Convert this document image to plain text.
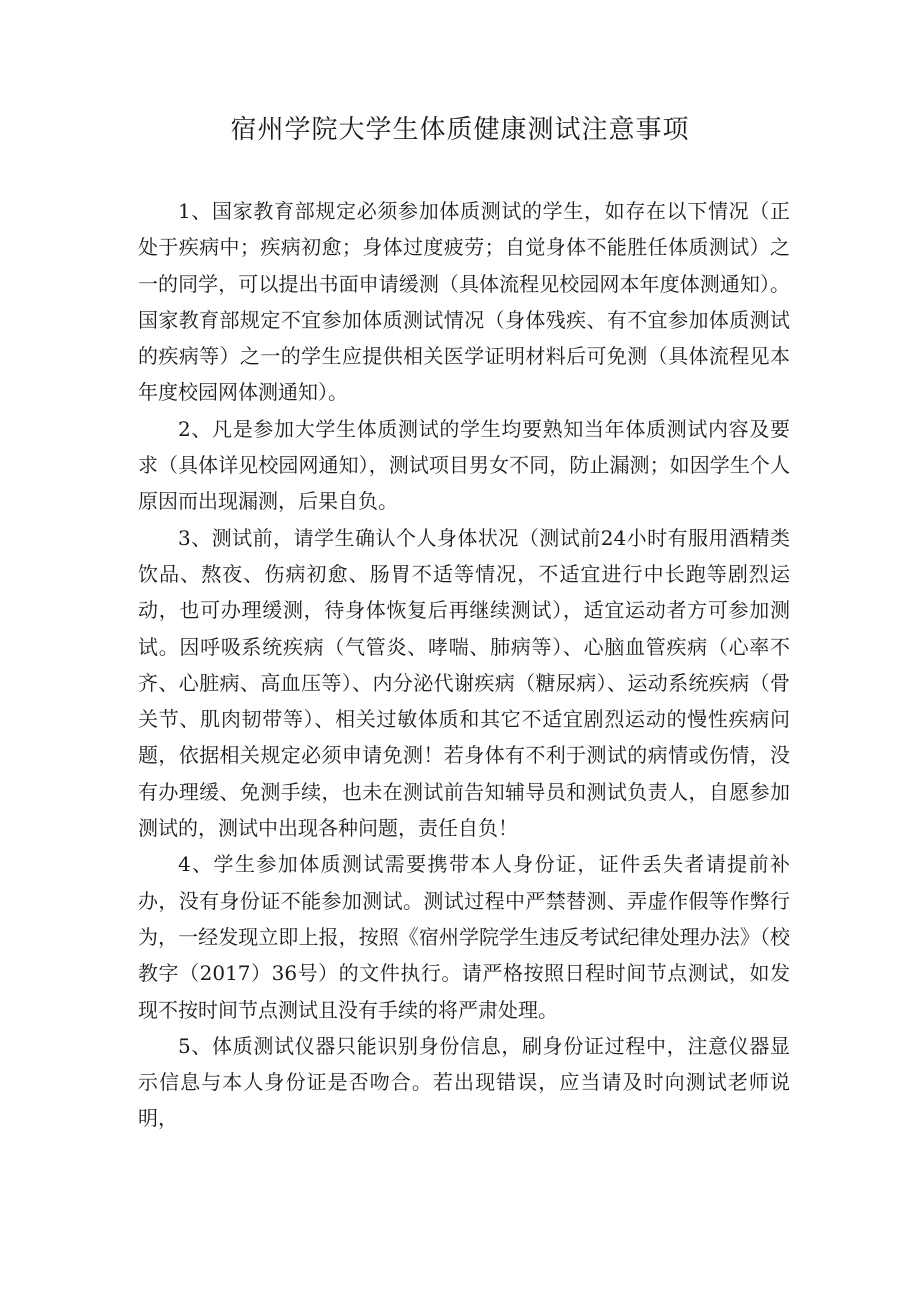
宿州学院大学生体质健康测试注意事项

1、国家教育部规定必须参加体质测试的学生，如存在以下情况（正处于疾病中；疾病初愈；身体过度疲劳；自觉身体不能胜任体质测试）之一的同学，可以提出书面申请缓测（具体流程见校园网本年度体测通知）。国家教育部规定不宜参加体质测试情况（身体残疾、有不宜参加体质测试的疾病等）之一的学生应提供相关医学证明材料后可免测（具体流程见本年度校园网体测通知）。

2、凡是参加大学生体质测试的学生均要熟知当年体质测试内容及要求（具体详见校园网通知），测试项目男女不同，防止漏测；如因学生个人原因而出现漏测，后果自负。

3、测试前，请学生确认个人身体状况（测试前24小时有服用酒精类饮品、熬夜、伤病初愈、肠胃不适等情况，不适宜进行中长跑等剧烈运动，也可办理缓测，待身体恢复后再继续测试），适宜运动者方可参加测试。因呼吸系统疾病（气管炎、哮喘、肺病等）、心脑血管疾病（心率不齐、心脏病、高血压等）、内分泌代谢疾病（糖尿病）、运动系统疾病（骨关节、肌肉韧带等）、相关过敏体质和其它不适宜剧烈运动的慢性疾病问题，依据相关规定必须申请免测！若身体有不利于测试的病情或伤情，没有办理缓、免测手续，也未在测试前告知辅导员和测试负责人，自愿参加测试的，测试中出现各种问题，责任自负！

4、学生参加体质测试需要携带本人身份证，证件丢失者请提前补办，没有身份证不能参加测试。测试过程中严禁替测、弄虚作假等作弊行为，一经发现立即上报，按照《宿州学院学生违反考试纪律处理办法》（校教字（2017）36号）的文件执行。请严格按照日程时间节点测试，如发现不按时间节点测试且没有手续的将严肃处理。

5、体质测试仪器只能识别身份信息，刷身份证过程中，注意仪器显示信息与本人身份证是否吻合。若出现错误，应当请及时向测试老师说明，
